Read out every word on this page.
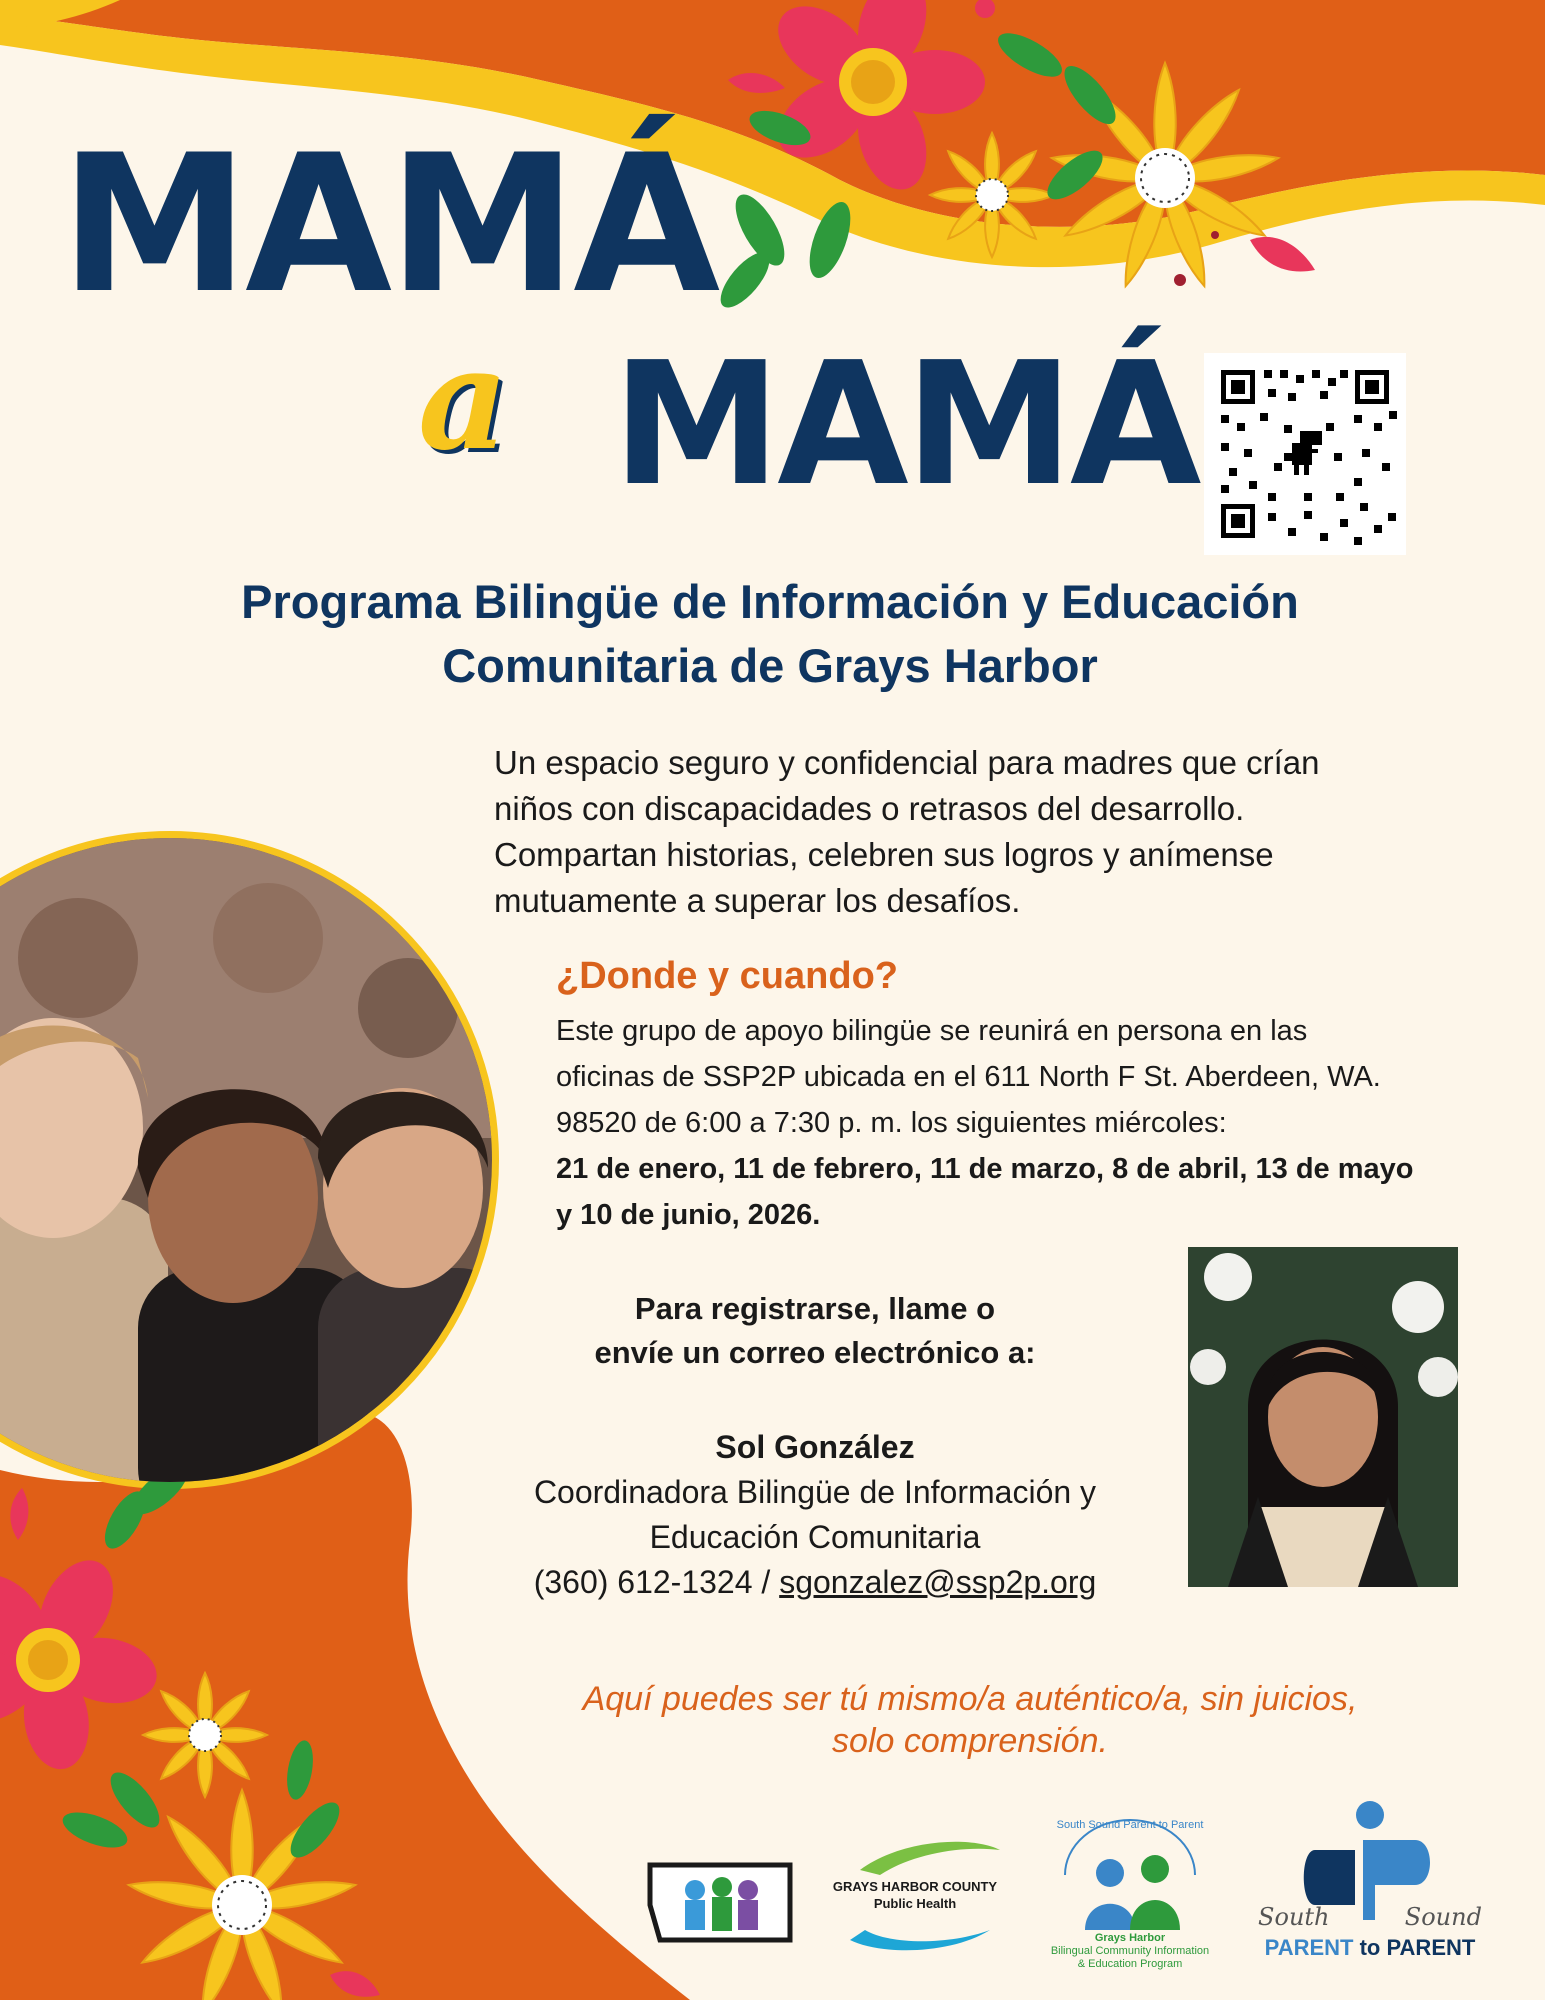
MAMÁ
a MAMÁ
Programa Bilingüe de Información y Educación
Comunitaria de Grays Harbor
Un espacio seguro y confidencial para madres que crían
niños con discapacidades o retrasos del desarrollo.
Compartan historias, celebren sus logros y anímense
mutuamente a superar los desafíos.
¿Donde y cuando?
Este grupo de apoyo bilingüe se reunirá en persona en las
oficinas de SSP2P ubicada en el 611 North F St. Aberdeen, WA.
98520 de 6:00 a 7:30 p. m. los siguientes miércoles:
21 de enero, 11 de febrero, 11 de marzo, 8 de abril, 13 de mayo
y 10 de junio, 2026.
Para registrarse, llame o
envíe un correo electrónico a:
Sol González
Coordinadora Bilingüe de Información y
Educación Comunitaria
(360) 612-1324 / sgonzalez@ssp2p.org
Aquí puedes ser tú mismo/a auténtico/a, sin juicios,
solo comprensión.
GRAYS HARBOR COUNTY
Public Health
South Sound Parent to Parent
Grays Harbor
Bilingual Community Information
& Education Program
South	Sound
PARENT to PARENT
